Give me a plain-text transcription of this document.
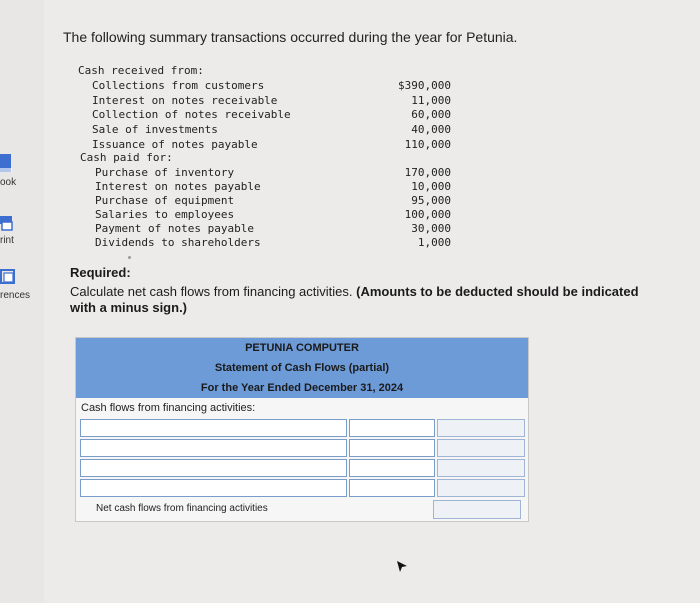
ook
rint
rences
The following summary transactions occurred during the year for Petunia.
Cash received from:
Collections from customers	$390,000
Interest on notes receivable	11,000
Collection of notes receivable	60,000
Sale of investments	40,000
Issuance of notes payable	110,000
Cash paid for:
Purchase of inventory	170,000
Interest on notes payable	10,000
Purchase of equipment	95,000
Salaries to employees	100,000
Payment of notes payable	30,000
Dividends to shareholders	1,000
Required:
Calculate net cash flows from financing activities. (Amounts to be deducted should be indicated with a minus sign.)
PETUNIA COMPUTER
Statement of Cash Flows (partial)
For the Year Ended December 31, 2024
Cash flows from financing activities:
Net cash flows from financing activities
